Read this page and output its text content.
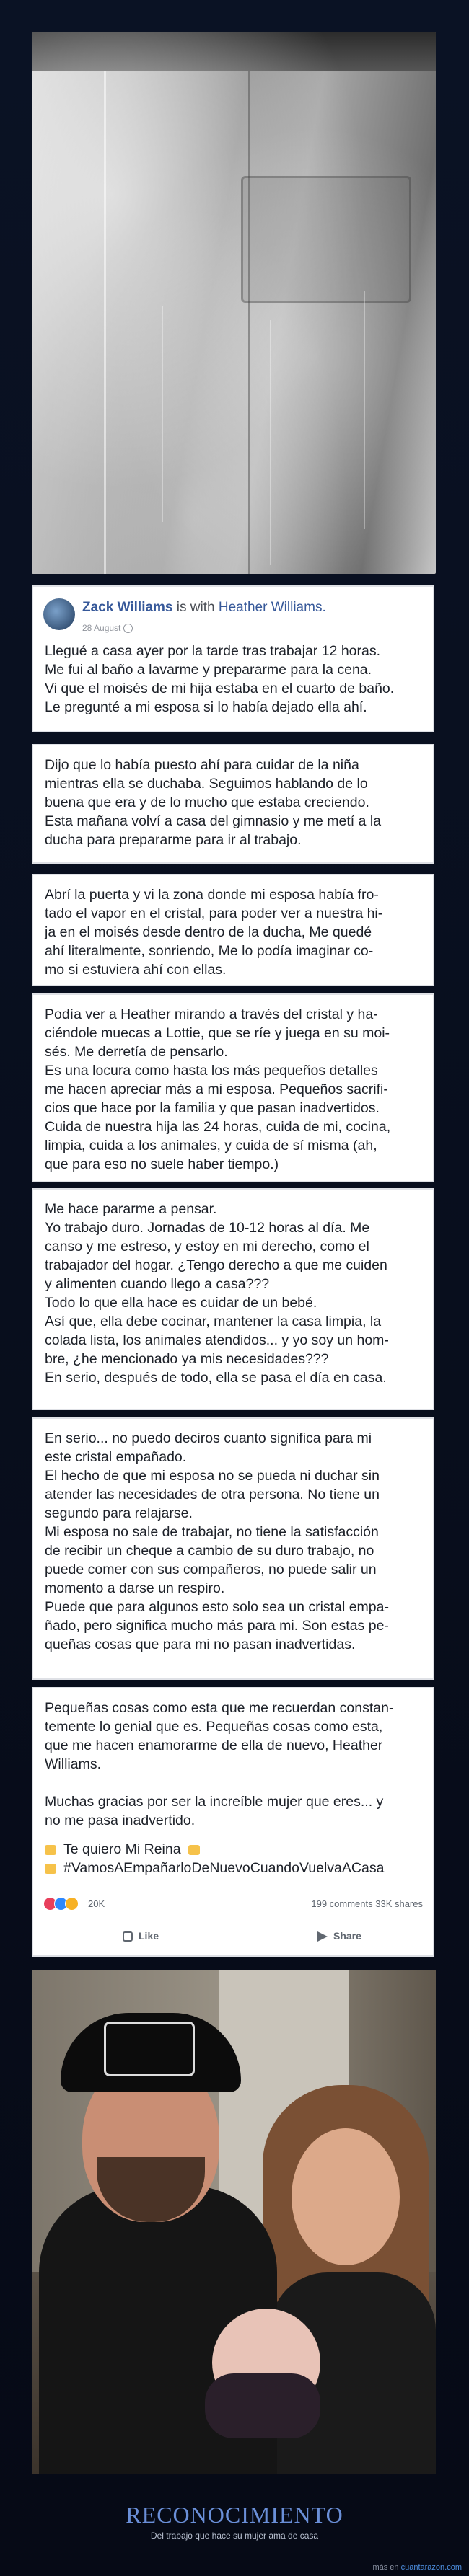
Zack Williams is with Heather Williams.
28 August
Llegué a casa ayer por la tarde tras trabajar 12 horas.
Me fui al baño a lavarme y prepararme para la cena.
Vi que el moisés de mi hija estaba en el cuarto de baño.
Le pregunté a mi esposa si lo había dejado ella ahí.
Dijo que lo había puesto ahí para cuidar de la niña
mientras ella se duchaba. Seguimos hablando de lo
buena que era y de lo mucho que estaba creciendo.
Esta mañana volví a casa del gimnasio y me metí a la
ducha para prepararme para ir al trabajo.
Abrí la puerta y vi la zona donde mi esposa había fro-
tado el vapor en el cristal, para poder ver a nuestra hi-
ja en el moisés desde dentro de la ducha, Me quedé
ahí literalmente, sonriendo, Me lo podía imaginar co-
mo si estuviera ahí con ellas.
Podía ver a Heather mirando a través del cristal y ha-
ciéndole muecas a Lottie, que se ríe y juega en su moi-
sés. Me derretía de pensarlo.
Es una locura como hasta los más pequeños detalles
me hacen apreciar más a mi esposa. Pequeños sacrifi-
cios que hace por la familia y que pasan inadvertidos.
Cuida de nuestra hija las 24 horas, cuida de mi, cocina,
limpia, cuida a los animales, y cuida de sí misma (ah,
que para eso no suele haber tiempo.)
Me hace pararme a pensar.
Yo trabajo duro. Jornadas de 10-12 horas al día. Me
canso y me estreso, y estoy en mi derecho, como el
trabajador del hogar. ¿Tengo derecho a que me cuiden
y alimenten cuando llego a casa???
Todo lo que ella hace es cuidar de un bebé.
Así que, ella debe cocinar, mantener la casa limpia, la
colada lista, los animales atendidos... y yo soy un hom-
bre, ¿he mencionado ya mis necesidades???
En serio, después de todo, ella se pasa el día en casa.
En serio... no puedo deciros cuanto significa para mi
este cristal empañado.
El hecho de que mi esposa no se pueda ni duchar sin
atender las necesidades de otra persona. No tiene un
segundo para relajarse.
Mi esposa no sale de trabajar, no tiene la satisfacción
de recibir un cheque a cambio de su duro trabajo, no
puede comer con sus compañeros, no puede salir un
momento a darse un respiro.
Puede que para algunos esto solo sea un cristal empa-
ñado, pero significa mucho más para mi. Son estas pe-
queñas cosas que para mi no pasan inadvertidas.
Pequeñas cosas como esta que me recuerdan constan-
temente lo genial que es. Pequeñas cosas como esta,
que me hacen enamorarme de ella de nuevo, Heather
Williams.

Muchas gracias por ser la increíble mujer que eres... y
no me pasa inadvertido.
Te quiero Mi Reina
#VamosAEmpañarloDeNuevoCuandoVuelvaACasa
20K	199 comments 33K shares
Like	Share
RECONOCIMIENTO
Del trabajo que hace su mujer ama de casa
más en cuantarazon.com
